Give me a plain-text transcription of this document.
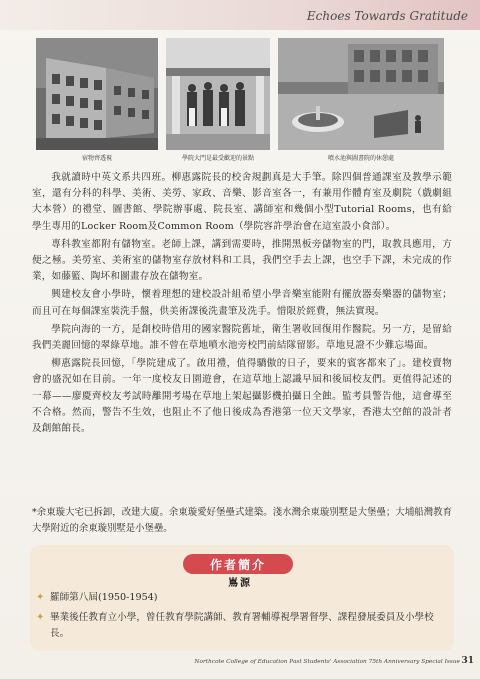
Echoes Towards Gratitude
宿物齊透視	學院大門是最受歡迎的景點	噴水池與圖書院的休憩處

我就讀時中英文系共四班。柳惠露院長的校舍規劃真是大手筆。除四個普通課室及教學示範室，還有分科的科學、美術、美勞、家政、音樂、影音室各一，有兼用作體育室及劇院（戲劇組大本營）的禮堂、圖書館、學院辦事處、院長室、講師室和幾個小型Tutorial Rooms，也有給學生專用的Locker Room及Common Room（學院容許學治會在這室設小食部）。

專科教室都附有儲物室。老師上課，講到需要時，推開黑板旁儲物室的門，取教具應用，方便之極。美勞室、美術室的儲物室存放材料和工具，我們空手去上課，也空手下課，未完成的作業，如藤籃、陶坏和圖畫存放在儲物室。

興建校友會小學時，懷着理想的建校設計組希望小學音樂室能附有擺放器奏樂器的儲物室；而且可在每個課室裝洗手盤，供美術課後洗畫筆及洗手。惜限於經費，無法實現。

學院向海的一方，是創校時借用的國家醫院舊址，衛生署收回復用作醫院。另一方，是留給我們美麗回憶的翠綠草地。誰不曾在草地噴水池旁校門前結隊留影。草地見證不少難忘場面。

柳惠露院長回憶，「學院建成了。啟用禮，值得驕傲的日子，要來的賓客都來了」。建校賣物會的盛況如在目前。一年一度校友日園遊會，在這草地上認識早屆和後屆校友們。更值得記述的一幕——廖慶齊校友考試時離開考場在草地上架起攝影機拍攝日全蝕。監考員警告他，這會導至不合格。然而，警告不生效，也阻止不了他日後成為香港第一位天文學家，香港太空館的設計者及創館館長。

*余東璇大宅已拆卸，改建大廈。余東璇愛好堡壘式建築。淺水灣余東璇別墅是大堡壘；大埔船灣教育大學附近的余東璇別墅是小堡壘。
作者簡介
嶌源
✦ 羅師第八屆(1950-1954)
✦ 畢業後任教育立小學，曾任教育學院講師、教育署輔導視學署督學、課程發展委員及小學校長。
Northcote College of Education Past Students' Association 75th Anniversary Special Issue 31
